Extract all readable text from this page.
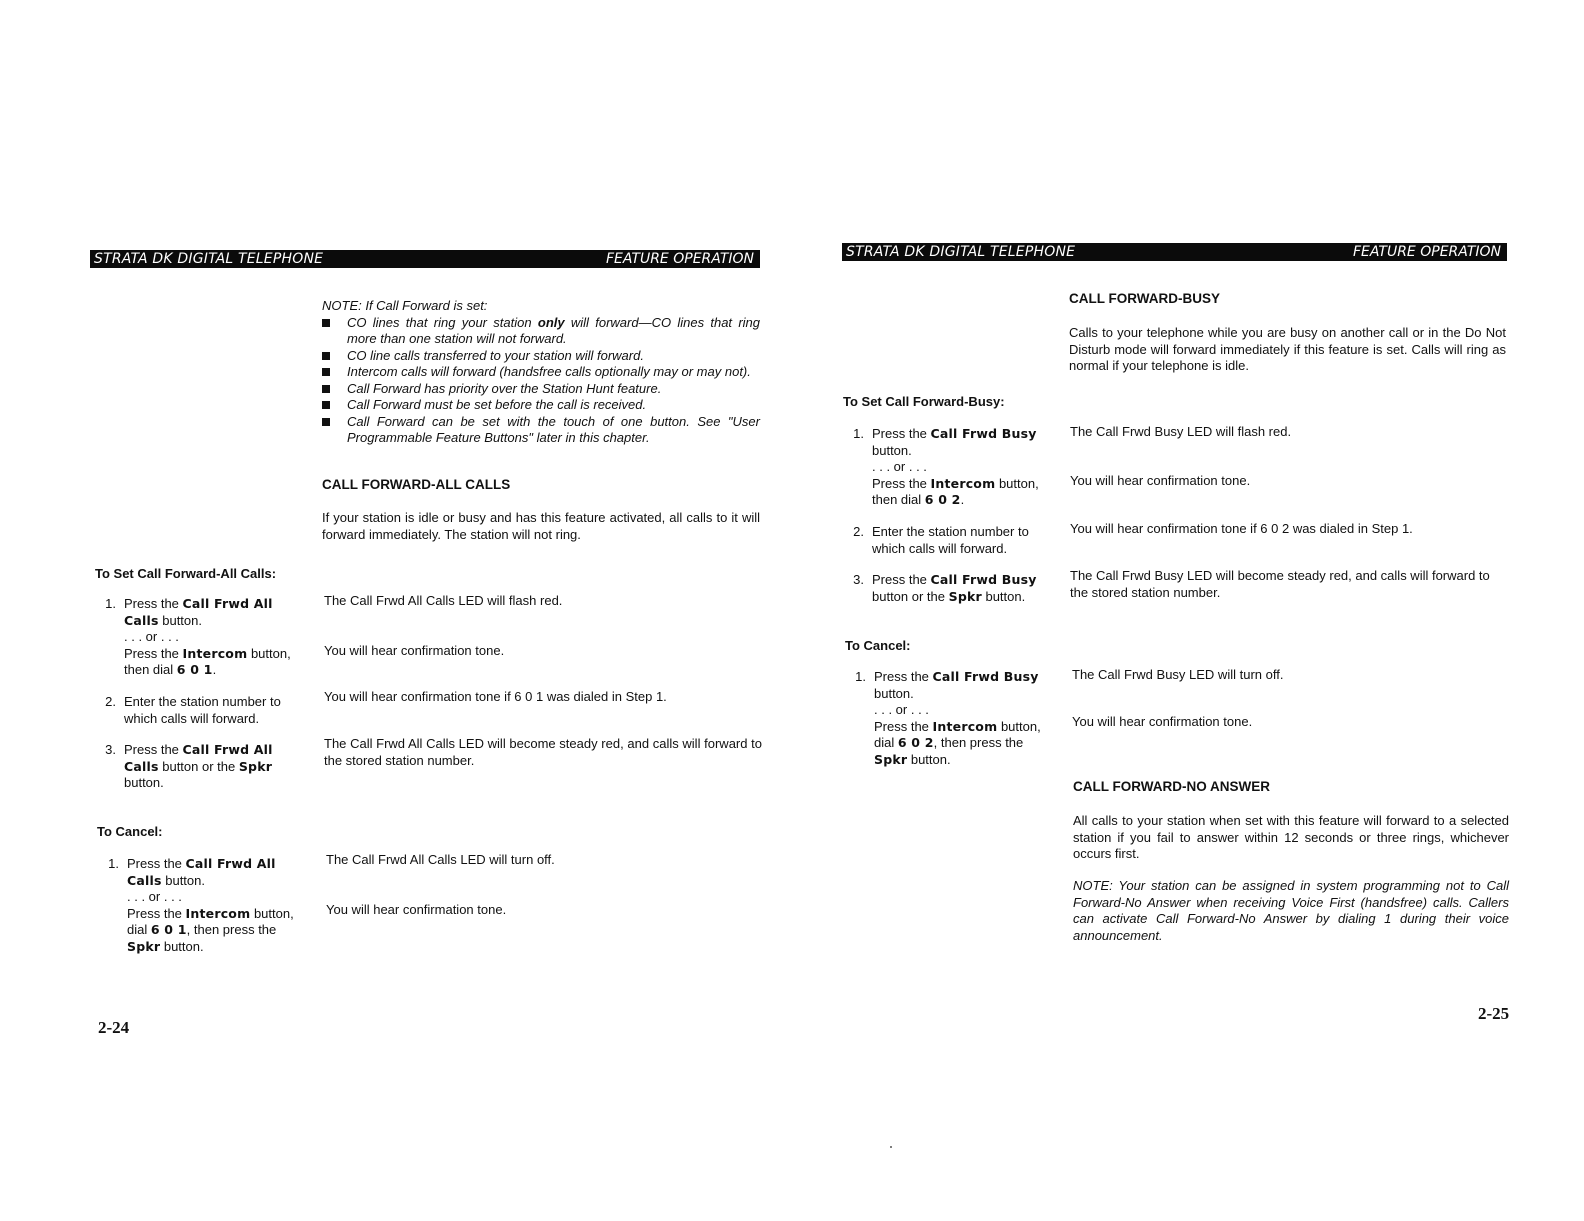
STRATA DK DIGITAL TELEPHONE	FEATURE OPERATION
NOTE: If Call Forward is set:
CO lines that ring your station only will forward—CO lines that ring more than one station will not forward.
CO line calls transferred to your station will forward.
Intercom calls will forward (handsfree calls optionally may or may not).
Call Forward has priority over the Station Hunt feature.
Call Forward must be set before the call is received.
Call Forward can be set with the touch of one button. See "User Programmable Feature Buttons" later in this chapter.
CALL FORWARD-ALL CALLS
If your station is idle or busy and has this feature activated, all calls to it will forward immediately. The station will not ring.
To Set Call Forward-All Calls:
1. Press the Call Frwd All Calls button.
. . . or . . .
Press the Intercom button, then dial 6 0 1.
2. Enter the station number to which calls will forward.
3. Press the Call Frwd All Calls button or the Spkr button.
The Call Frwd All Calls LED will flash red.
You will hear confirmation tone.
You will hear confirmation tone if 6 0 1 was dialed in Step 1.
The Call Frwd All Calls LED will become steady red, and calls will forward to the stored station number.
To Cancel:
1. Press the Call Frwd All Calls button.
. . . or . . .
Press the Intercom button, dial 6 0 1, then press the Spkr button.
The Call Frwd All Calls LED will turn off.
You will hear confirmation tone.
2-24
STRATA DK DIGITAL TELEPHONE	FEATURE OPERATION
CALL FORWARD-BUSY
Calls to your telephone while you are busy on another call or in the Do Not Disturb mode will forward immediately if this feature is set. Calls will ring as normal if your telephone is idle.
To Set Call Forward-Busy:
1. Press the Call Frwd Busy button.
. . . or . . .
Press the Intercom button, then dial 6 0 2.
2. Enter the station number to which calls will forward.
3. Press the Call Frwd Busy button or the Spkr button.
The Call Frwd Busy LED will flash red.
You will hear confirmation tone.
You will hear confirmation tone if 6 0 2 was dialed in Step 1.
The Call Frwd Busy LED will become steady red, and calls will forward to the stored station number.
To Cancel:
1. Press the Call Frwd Busy button.
. . . or . . .
Press the Intercom button, dial 6 0 2, then press the Spkr button.
The Call Frwd Busy LED will turn off.
You will hear confirmation tone.
CALL FORWARD-NO ANSWER
All calls to your station when set with this feature will forward to a selected station if you fail to answer within 12 seconds or three rings, whichever occurs first.
NOTE: Your station can be assigned in system programming not to Call Forward-No Answer when receiving Voice First (handsfree) calls. Callers can activate Call Forward-No Answer by dialing 1 during their voice announcement.
2-25
